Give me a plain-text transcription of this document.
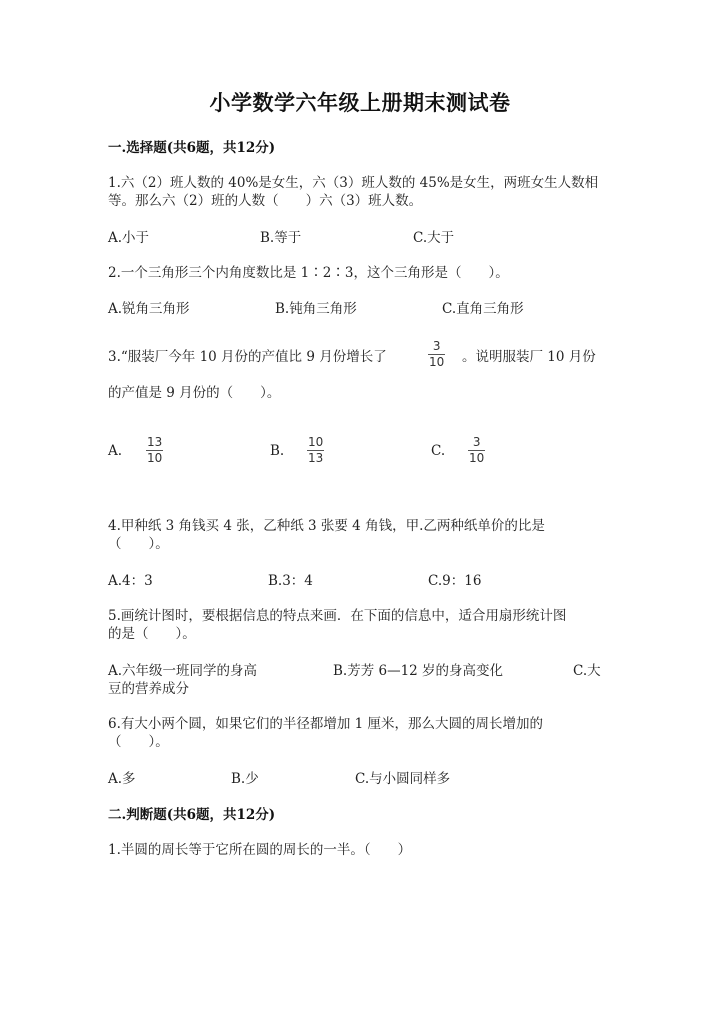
小学数学六年级上册期末测试卷
一.选择题(共6题，共12分)
1.六（2）班人数的 40%是女生，六（3）班人数的 45%是女生，两班女生人数相
等。那么六（2）班的人数（　　）六（3）班人数。
A.小于	B.等于	C.大于
2.一个三角形三个内角度数比是 1∶2∶3，这个三角形是（　　）。
A.锐角三角形	B.钝角三角形	C.直角三角形
3.“服装厂今年 10 月份的产值比 9 月份增长了
3
10 。说明服装厂 10 月份
的产值是 9 月份的（　　）。
A.
13
10	B.
10
13	C.
3
10
4.甲种纸 3 角钱买 4 张，乙种纸 3 张要 4 角钱，甲.乙两种纸单价的比是
（　　）。
A.4：3	B.3：4	C.9：16
5.画统计图时，要根据信息的特点来画．在下面的信息中，适合用扇形统计图
的是（　　）。
A.六年级一班同学的身高	B.芳芳 6—12 岁的身高变化	C.大
豆的营养成分
6.有大小两个圆，如果它们的半径都增加 1 厘米，那么大圆的周长增加的
（　　）。
A.多	B.少	C.与小圆同样多
二.判断题(共6题，共12分)
1.半圆的周长等于它所在圆的周长的一半。（　　）
